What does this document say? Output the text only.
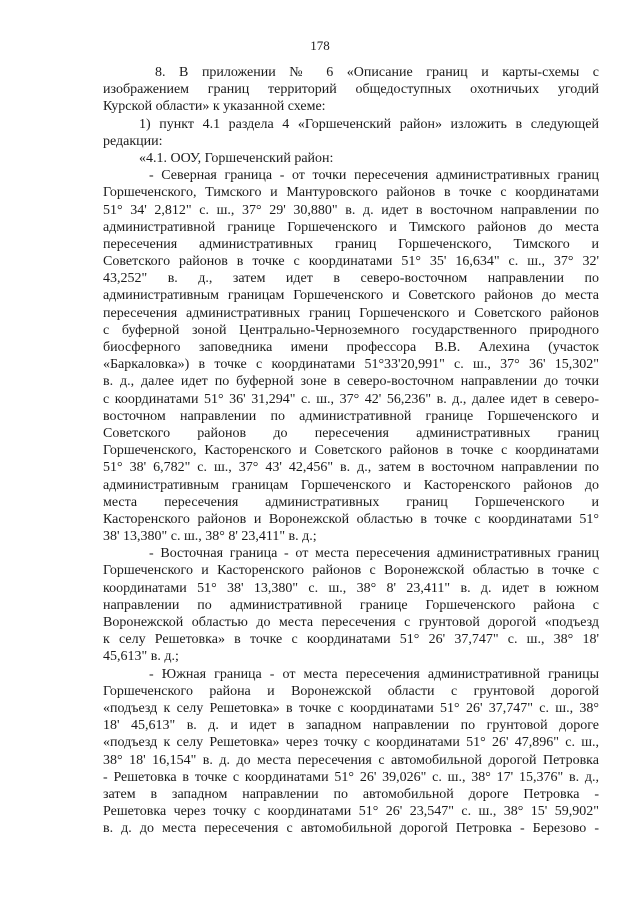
178
8. В приложении № 6 «Описание границ и карты-схемы с
изображением границ территорий общедоступных охотничьих угодий
Курской области» к указанной схеме:
1) пункт 4.1 раздела 4 «Горшеченский район» изложить в следующей
редакции:
«4.1. ООУ, Горшеченский район:
- Северная граница - от точки пересечения административных границ
Горшеченского, Тимского и Мантуровского районов в точке с координатами
51° 34' 2,812" с. ш., 37° 29' 30,880" в. д. идет в восточном направлении по
административной границе Горшеченского и Тимского районов до места
пересечения административных границ Горшеченского, Тимского и
Советского районов в точке с координатами 51° 35' 16,634" с. ш., 37° 32'
43,252" в. д., затем идет в северо-восточном направлении по
административным границам Горшеченского и Советского районов до места
пересечения административных границ Горшеченского и Советского районов
с буферной зоной Центрально-Черноземного государственного природного
биосферного заповедника имени профессора В.В. Алехина (участок
«Баркаловка») в точке с координатами 51°33'20,991" с. ш., 37° 36' 15,302"
в. д., далее идет по буферной зоне в северо-восточном направлении до точки
с координатами 51° 36' 31,294" с. ш., 37° 42' 56,236" в. д., далее идет в северо-
восточном направлении по административной границе Горшеченского и
Советского районов до пересечения административных границ
Горшеченского, Касторенского и Советского районов в точке с координатами
51° 38' 6,782" с. ш., 37° 43' 42,456" в. д., затем в восточном направлении по
административным границам Горшеченского и Касторенского районов до
места пересечения административных границ Горшеченского и
Касторенского районов и Воронежской областью в точке с координатами 51°
38' 13,380" с. ш., 38° 8' 23,411" в. д.;
- Восточная граница - от места пересечения административных границ
Горшеченского и Касторенского районов с Воронежской областью в точке с
координатами 51° 38' 13,380" с. ш., 38° 8' 23,411" в. д. идет в южном
направлении по административной границе Горшеченского района с
Воронежской областью до места пересечения с грунтовой дорогой «подъезд
к селу Решетовка» в точке с координатами 51° 26' 37,747" с. ш., 38° 18'
45,613" в. д.;
- Южная граница - от места пересечения административной границы
Горшеченского района и Воронежской области с грунтовой дорогой
«подъезд к селу Решетовка» в точке с координатами 51° 26' 37,747" с. ш., 38°
18' 45,613" в. д. и идет в западном направлении по грунтовой дороге
«подъезд к селу Решетовка» через точку с координатами 51° 26' 47,896" с. ш.,
38° 18' 16,154" в. д. до места пересечения с автомобильной дорогой Петровка
- Решетовка в точке с координатами 51° 26' 39,026" с. ш., 38° 17' 15,376" в. д.,
затем в западном направлении по автомобильной дороге Петровка -
Решетовка через точку с координатами 51° 26' 23,547" с. ш., 38° 15' 59,902"
в. д. до места пересечения с автомобильной дорогой Петровка - Березово -
